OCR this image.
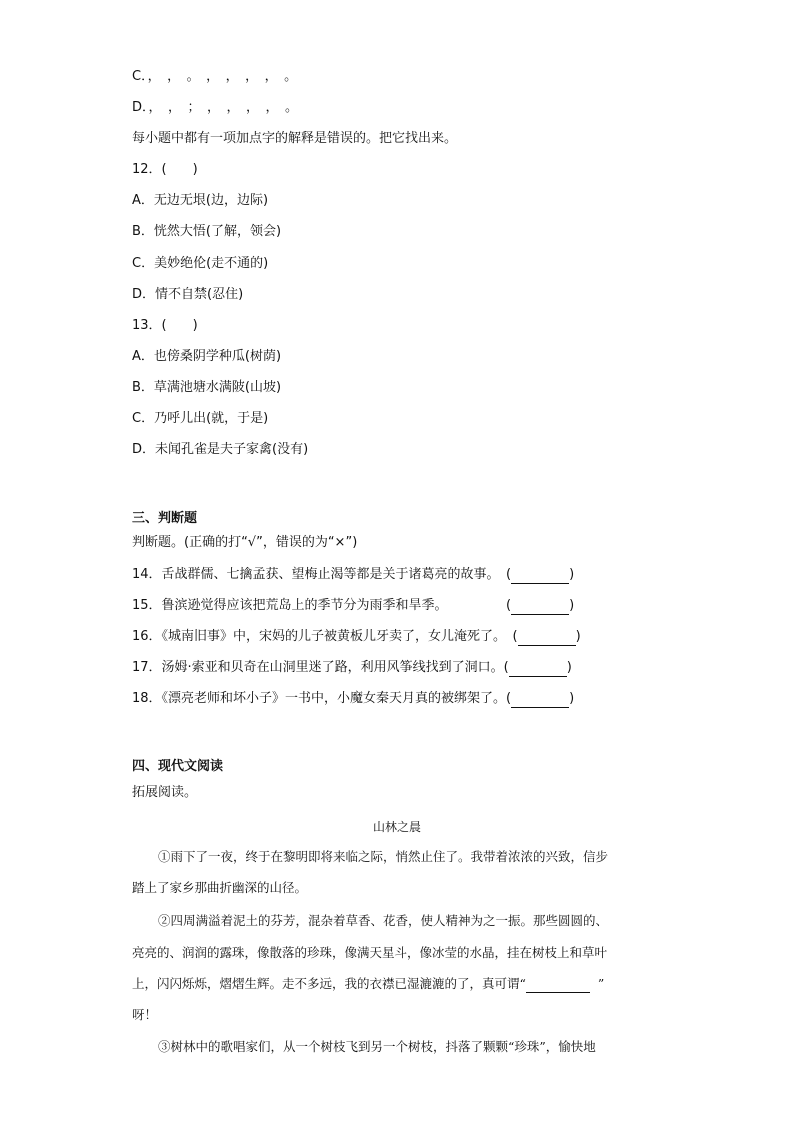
C．，　，　。　，　，　，　，　。
D．，　，　；　，　，　，　，　。
每小题中都有一项加点字的解释是错误的。把它找出来。
12．(　　)
A．无边无垠(边，边际)
B．恍然大悟(了解，领会)
C．美妙绝伦(走不通的)
D．情不自禁(忍住)
13．(　　)
A．也傍桑阴学种瓜(树荫)
B．草满池塘水满陂(山坡)
C．乃呼儿出(就，于是)
D．未闻孔雀是夫子家禽(没有)
三、判断题
判断题。(正确的打“√”，错误的为“×”)
14．舌战群儒、七擒孟获、望梅止渴等都是关于诸葛亮的故事。　(	)
15．鲁滨逊觉得应该把荒岛上的季节分为雨季和旱季。　　　　　(	)
16．《城南旧事》中，宋妈的儿子被黄板儿牙卖了，女儿淹死了。　(	)
17．汤姆·索亚和贝奇在山洞里迷了路，利用风筝线找到了洞口。(	)
18．《漂亮老师和坏小子》一书中，小魔女秦天月真的被绑架了。(	)
四、现代文阅读
拓展阅读。
山林之晨
①雨下了一夜，终于在黎明即将来临之际，悄然止住了。我带着浓浓的兴致，信步
踏上了家乡那曲折幽深的山径。
②四周满溢着泥土的芬芳，混杂着草香、花香，使人精神为之一振。那些圆圆的、
亮亮的、润润的露珠，像散落的珍珠，像满天星斗，像冰莹的水晶，挂在树枝上和草叶
上，闪闪烁烁，熠熠生辉。走不多远，我的衣襟已湿漉漉的了，真可谓“	”
呀！
③树林中的歌唱家们，从一个树枝飞到另一个树枝，抖落了颗颗“珍珠”，愉快地
